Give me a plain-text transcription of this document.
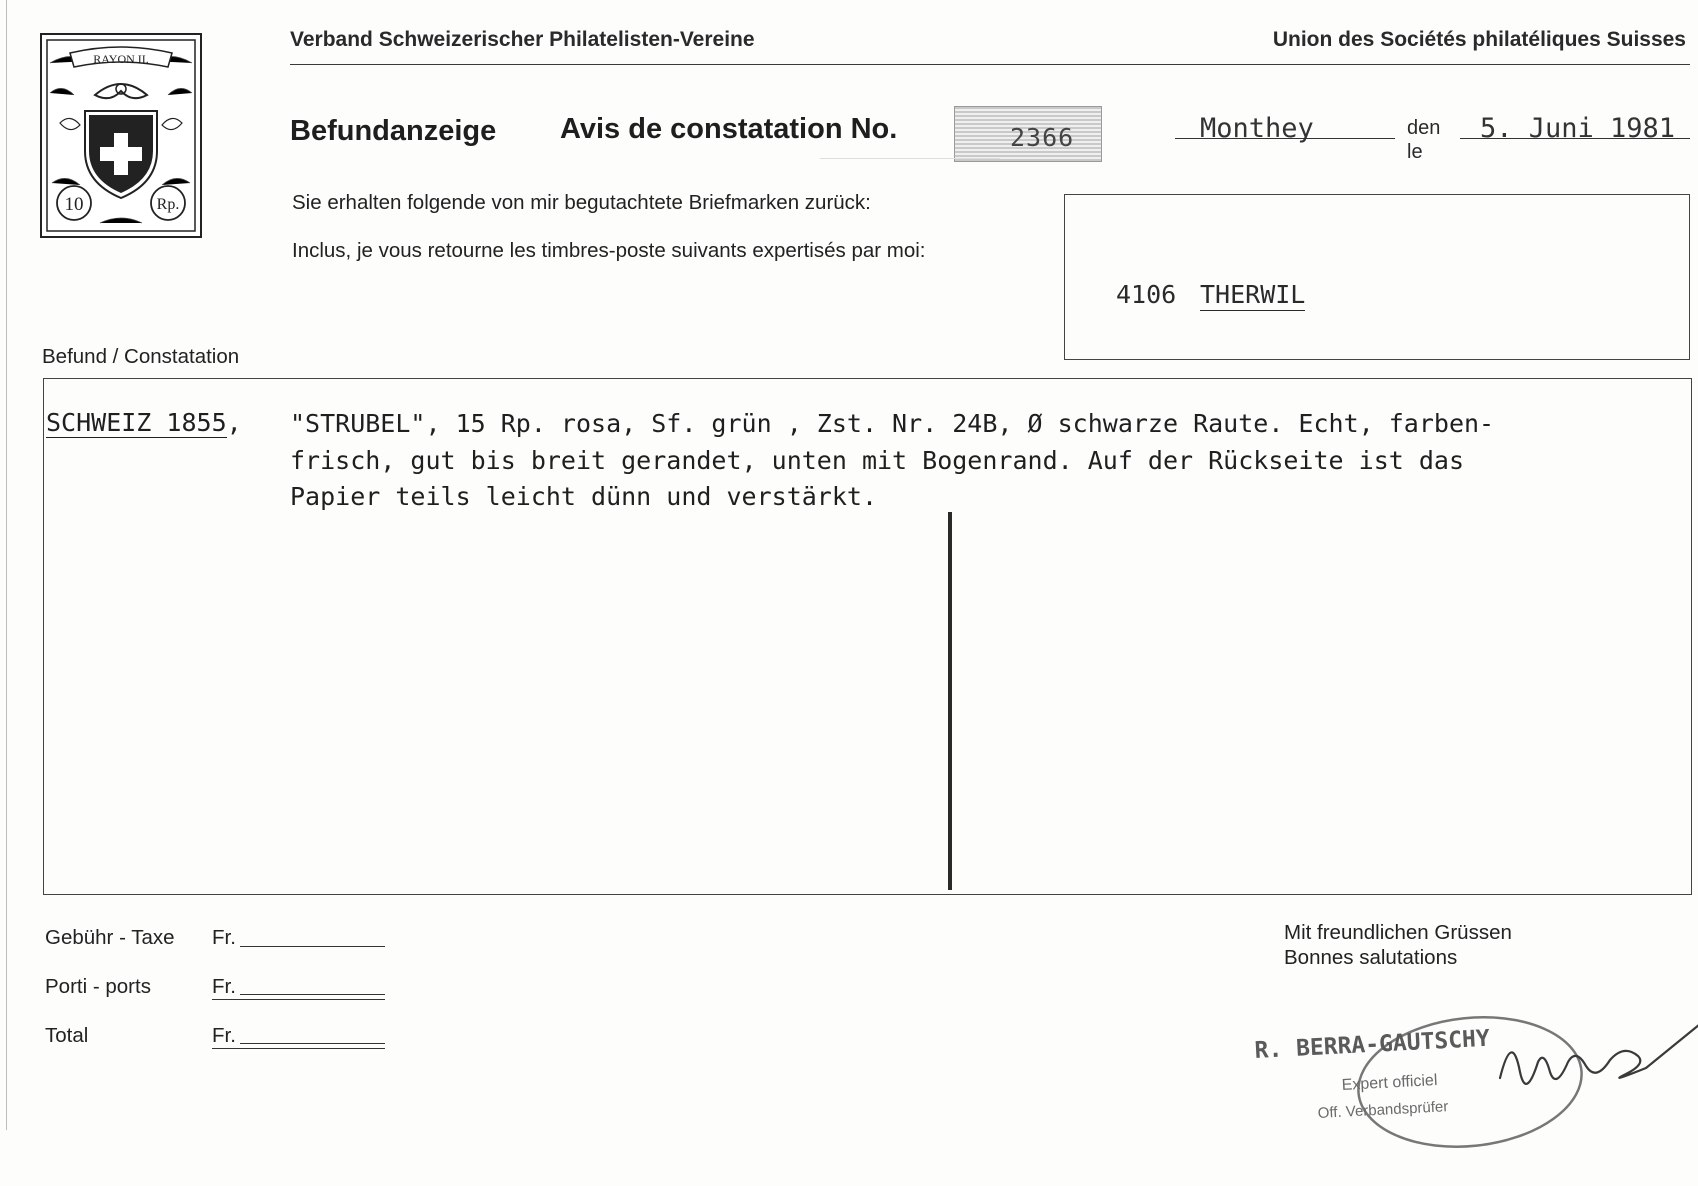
RAYON II.
10	Rp.
Verband Schweizerischer Philatelisten-Vereine	Union des Sociétés philatéliques Suisses
Befundanzeige Avis de constatation No.	2366	Monthey	den
le
5. Juni 1981
Sie erhalten folgende von mir begutachtete Briefmarken zurück:
Inclus, je vous retourne les timbres-poste suivants expertisés par moi:
4106 THERWIL
Befund / Constatation
SCHWEIZ 1855, "STRUBEL", 15 Rp. rosa, Sf. grün , Zst. Nr. 24B, Ø schwarze Raute. Echt, farben-
frisch, gut bis breit gerandet, unten mit Bogenrand. Auf der Rückseite ist das
Papier teils leicht dünn und verstärkt.
Gebühr - Taxe Fr.
Porti - ports	Fr.
Total	Fr.
Mit freundlichen Grüssen
Bonnes salutations
R. BERRA-GAUTSCHY
Expert officiel
Off. Verbandsprüfer
